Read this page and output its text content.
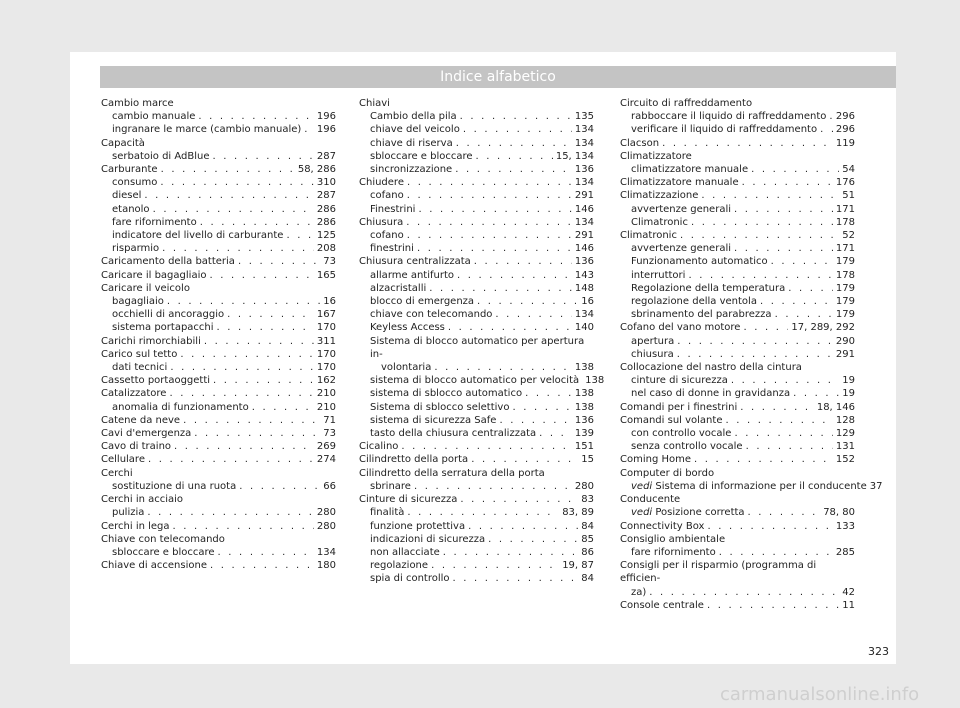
Indice alfabetico
Cambio marce
cambio manuale . . .	196
ingranare le marce (cambio manuale) . . . 196
Capacità
serbatoio di AdBlue . . .	287
Carburante . . .	58, 286
consumo . . .	310
diesel . . .	287
etanolo . . .	286
fare rifornimento . . .	286
indicatore del livello di carburante . . .	125
risparmio . . .	208
Caricamento della batteria . . .	73
Caricare il bagagliaio . . .	165
Caricare il veicolo
bagagliaio . . .	16
occhielli di ancoraggio . . .	167
sistema portapacchi . . .	170
Carichi rimorchiabili . . .	311
Carico sul tetto . . .	170
dati tecnici . . .	170
Cassetto portaoggetti . . .	162
Catalizzatore . . .	210
anomalia di funzionamento . . .	210
Catene da neve . . .	71
Cavi d'emergenza . . .	73
Cavo di traino . . .	269
Cellulare . . .	274
Cerchi
sostituzione di una ruota . . .	66
Cerchi in acciaio
pulizia . . .	280
Cerchi in lega . . .	280
Chiave con telecomando
sbloccare e bloccare . . .	134
Chiave di accensione . . .	180
Chiavi
Cambio della pila . . .	135
chiave del veicolo . . .	134
chiave di riserva . . .	134
sbloccare e bloccare . . .	15, 134
sincronizzazione . . .	136
Chiudere . . .	134
cofano . . .	291
Finestrini . . .	146
Chiusura . . .	134
cofano . . .	291
finestrini . . .	146
Chiusura centralizzata . . .	136
allarme antifurto . . .	143
alzacristalli . . .	148
blocco di emergenza . . .	16
chiave con telecomando . . .	134
Keyless Access . . .	140
Sistema di blocco automatico per apertura in-
volontaria . . .	138
sistema di blocco automatico per velocità 138
sistema di sblocco automatico . . .	138
Sistema di sblocco selettivo . . .	138
sistema di sicurezza Safe . . .	136
tasto della chiusura centralizzata . . .	139
Cicalino . . .	151
Cilindretto della porta . . .	15
Cilindretto della serratura della porta
sbrinare . . .	280
Cinture di sicurezza . . .	83
finalità . . .	83, 89
funzione protettiva . . .	84
indicazioni di sicurezza . . .	85
non allacciate . . .	86
regolazione . . .	19, 87
spia di controllo . . .	84
Circuito di raffreddamento
rabboccare il liquido di raffreddamento . . . 296
verificare il liquido di raffreddamento . . . 296
Clacson . . .	119
Climatizzatore
climatizzatore manuale . . .	54
Climatizzatore manuale . . .	176
Climatizzazione . . .	51
avvertenze generali . . .	171
Climatronic . . .	178
Climatronic . . .	52
avvertenze generali . . .	171
Funzionamento automatico . . .	179
interruttori . . .	178
Regolazione della temperatura . . .	179
regolazione della ventola . . .	179
sbrinamento del parabrezza . . .	179
Cofano del vano motore . . .	17, 289, 292
apertura . . .	290
chiusura . . .	291
Collocazione del nastro della cintura
cinture di sicurezza . . .	19
nel caso di donne in gravidanza . . .	19
Comandi per i finestrini . . .	18, 146
Comandi sul volante . . .	128
con controllo vocale . . .	129
senza controllo vocale . . .	131
Coming Home . . .	152
Computer di bordo
vedi Sistema di informazione per il conducente 37
Conducente
vedi Posizione corretta . . .	78, 80
Connectivity Box . . .	133
Consiglio ambientale
fare rifornimento . . .	285
Consigli per il risparmio (programma di efficien-
za) . . .	42
Console centrale . . .	11
323
carmanualsonline.info
